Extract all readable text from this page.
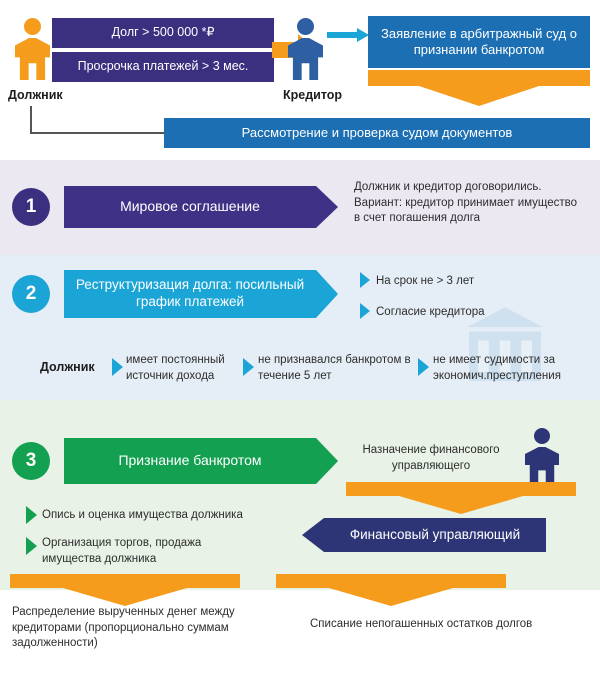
Должник
Долг > 500 000 *₽
Просрочка платежей > 3 мес.
Кредитор
Заявление в арбитражный суд о признании банкротом
Рассмотрение и проверка судом документов
1	Мировое соглашение
Должник и кредитор договорились. Вариант: кредитор принимает имущество в счет погашения долга
2	Реструктуризация долга: посильный график платежей
На срок не > 3 лет
Согласие кредитора
Должник	имеет постоянный источник дохода
не признавался банкротом в течение 5 лет
не имеет судимости за экономич.преступления
3	Признание банкротом
Назначение финансового управляющего
Финансовый управляющий
Опись и оценка имущества должника
Организация торгов, продажа имущества должника
Распределение вырученных денег между кредиторами (пропорционально суммам задолженности)
Списание непогашенных остатков долгов
